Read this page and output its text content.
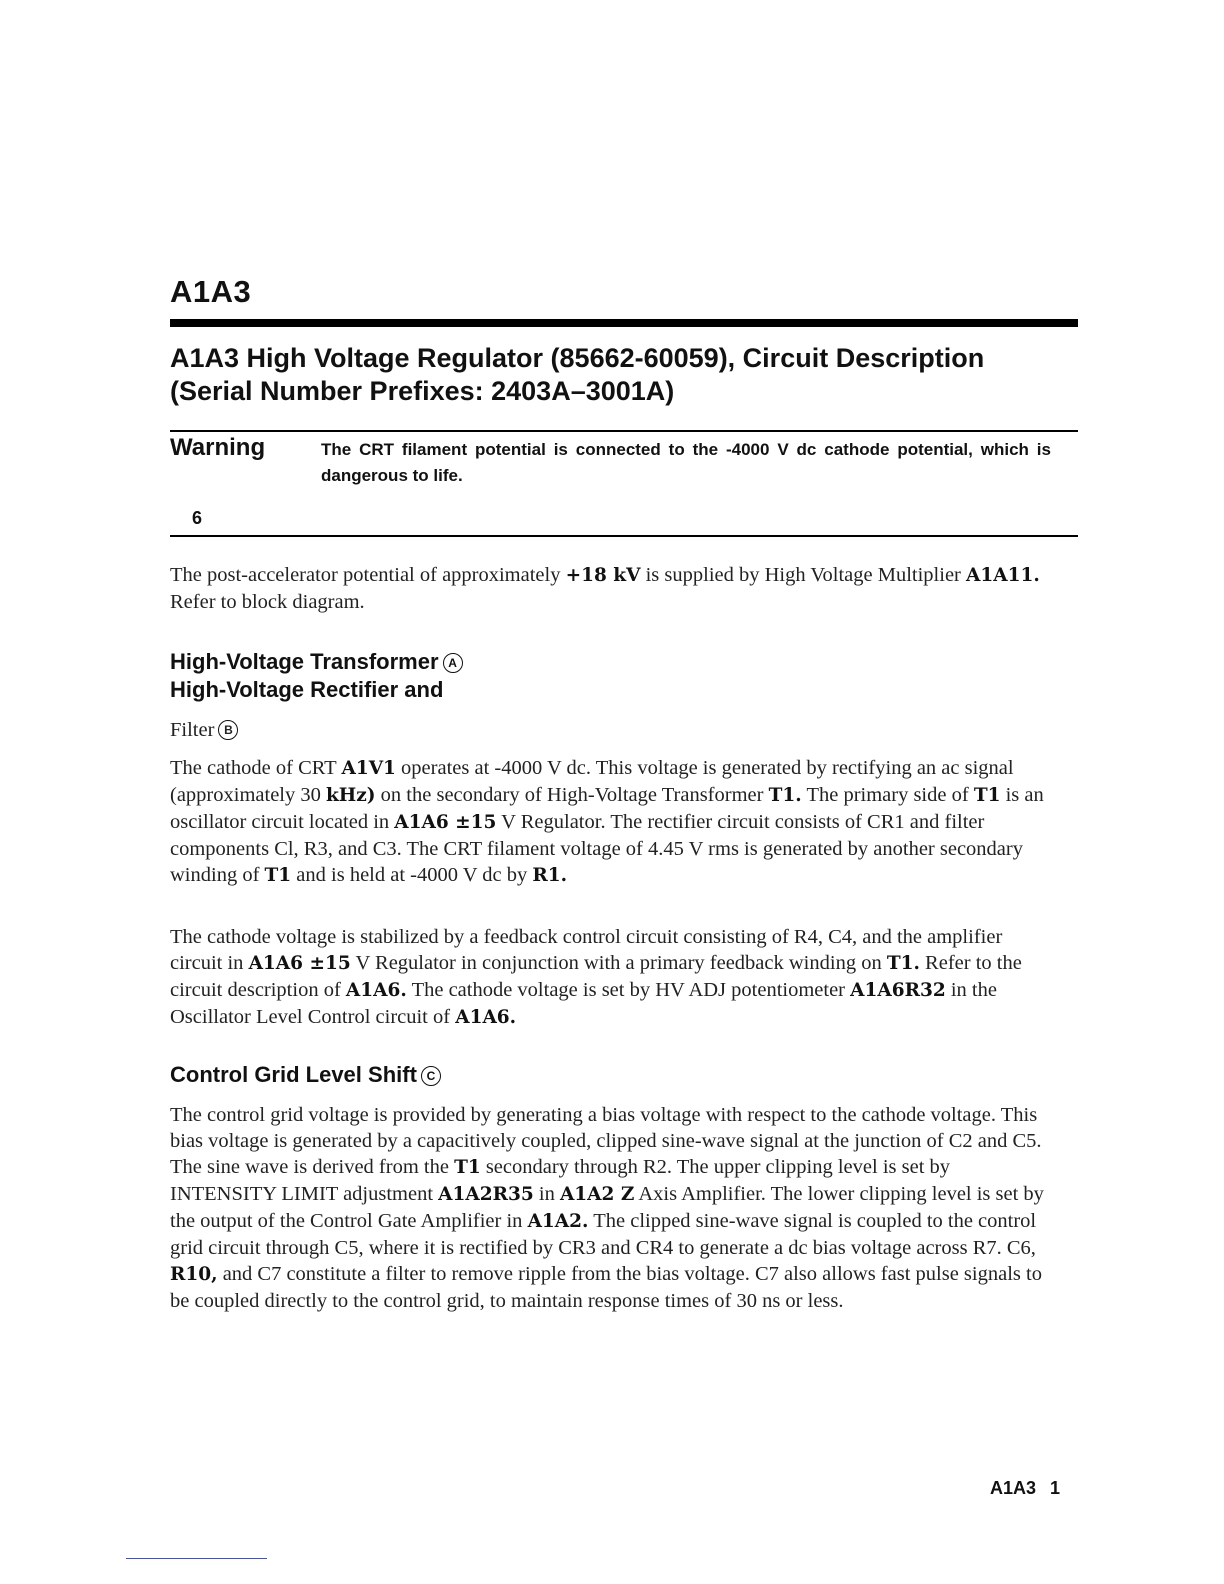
A1A3
A1A3 High Voltage Regulator (85662-60059), Circuit Description
(Serial Number Prefixes: 2403A–3001A)
Warning	The CRT filament potential is connected to the -4000 V dc cathode potential, which is dangerous to life.
6
The post-accelerator potential of approximately +18 kV is supplied by High Voltage Multiplier A1A11. Refer to block diagram.
High-Voltage Transformer A
High-Voltage Rectifier and
Filter B
The cathode of CRT A1V1 operates at -4000 V dc. This voltage is generated by rectifying an ac signal (approximately 30 kHz) on the secondary of High-Voltage Transformer T1. The primary side of T1 is an oscillator circuit located in A1A6 ±15 V Regulator. The rectifier circuit consists of CR1 and filter components Cl, R3, and C3. The CRT filament voltage of 4.45 V rms is generated by another secondary winding of T1 and is held at -4000 V dc by R1.
The cathode voltage is stabilized by a feedback control circuit consisting of R4, C4, and the amplifier circuit in A1A6 ±15 V Regulator in conjunction with a primary feedback winding on T1. Refer to the circuit description of A1A6. The cathode voltage is set by HV ADJ potentiometer A1A6R32 in the Oscillator Level Control circuit of A1A6.
Control Grid Level Shift C
The control grid voltage is provided by generating a bias voltage with respect to the cathode voltage. This bias voltage is generated by a capacitively coupled, clipped sine-wave signal at the junction of C2 and C5. The sine wave is derived from the T1 secondary through R2. The upper clipping level is set by INTENSITY LIMIT adjustment A1A2R35 in A1A2 Z Axis Amplifier. The lower clipping level is set by the output of the Control Gate Amplifier in A1A2. The clipped sine-wave signal is coupled to the control grid circuit through C5, where it is rectified by CR3 and CR4 to generate a dc bias voltage across R7. C6, R10, and C7 constitute a filter to remove ripple from the bias voltage. C7 also allows fast pulse signals to be coupled directly to the control grid, to maintain response times of 30 ns or less.
A1A3 1
